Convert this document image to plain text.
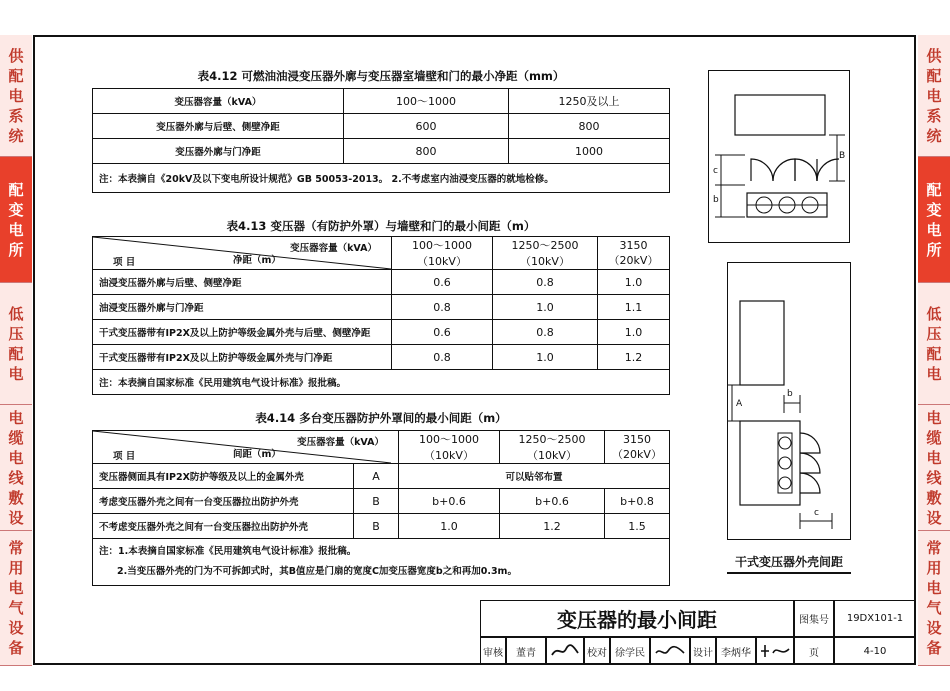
供配电系统
配变电所
低压配电
电缆电线敷设
常用电气设备
供配电系统
配变电所
低压配电
电缆电线敷设
常用电气设备
表4.12 可燃油油浸变压器外廓与变压器室墙壁和门的最小净距（mm）
变压器容量（kVA）	100～1000	1250及以上
变压器外廓与后壁、侧壁净距	600	800
变压器外廓与门净距	800	1000
注：本表摘自《20kV及以下变电所设计规范》GB 50053-2013。 2.不考虑室内油浸变压器的就地检修。		
表4.13 变压器（有防护外罩）与墙壁和门的最小间距（m）
变压器容量（kVA）
净距（m）
项 目	100～1000（10kV）	1250～2500（10kV）	3150（20kV）
油浸变压器外廓与后壁、侧壁净距	0.6	0.8	1.0
油浸变压器外廓与门净距	0.8	1.0	1.1
干式变压器带有IP2X及以上防护等级金属外壳与后壁、侧壁净距	0.6	0.8	1.0
干式变压器带有IP2X及以上防护等级金属外壳与门净距	0.8	1.0	1.2
注：本表摘自国家标准《民用建筑电气设计标准》报批稿。			
表4.14 多台变压器防护外罩间的最小间距（m）
变压器容量（kVA）
间距（m）
项 目		100～1000（10kV）	1250～2500（10kV）	3150（20kV）
变压器侧面具有IP2X防护等级及以上的金属外壳	A	可以贴邻布置		
考虑变压器外壳之间有一台变压器拉出防护外壳	B	b+0.6	b+0.6	b+0.8
不考虑变压器外壳之间有一台变压器拉出防护外壳	B	1.0	1.2	1.5

注：1.本表摘自国家标准《民用建筑电气设计标准》报批稿。
2.当变压器外壳的门为不可拆卸式时，其B值应是门扇的宽度C加变压器宽度b之和再加0.3m。				
c
b
B
A
b
c
干式变压器外壳间距
变压器的最小间距	图集号	19DX101-1
审核	董青	校对 徐学民	设计 李炳华	页	4-10
